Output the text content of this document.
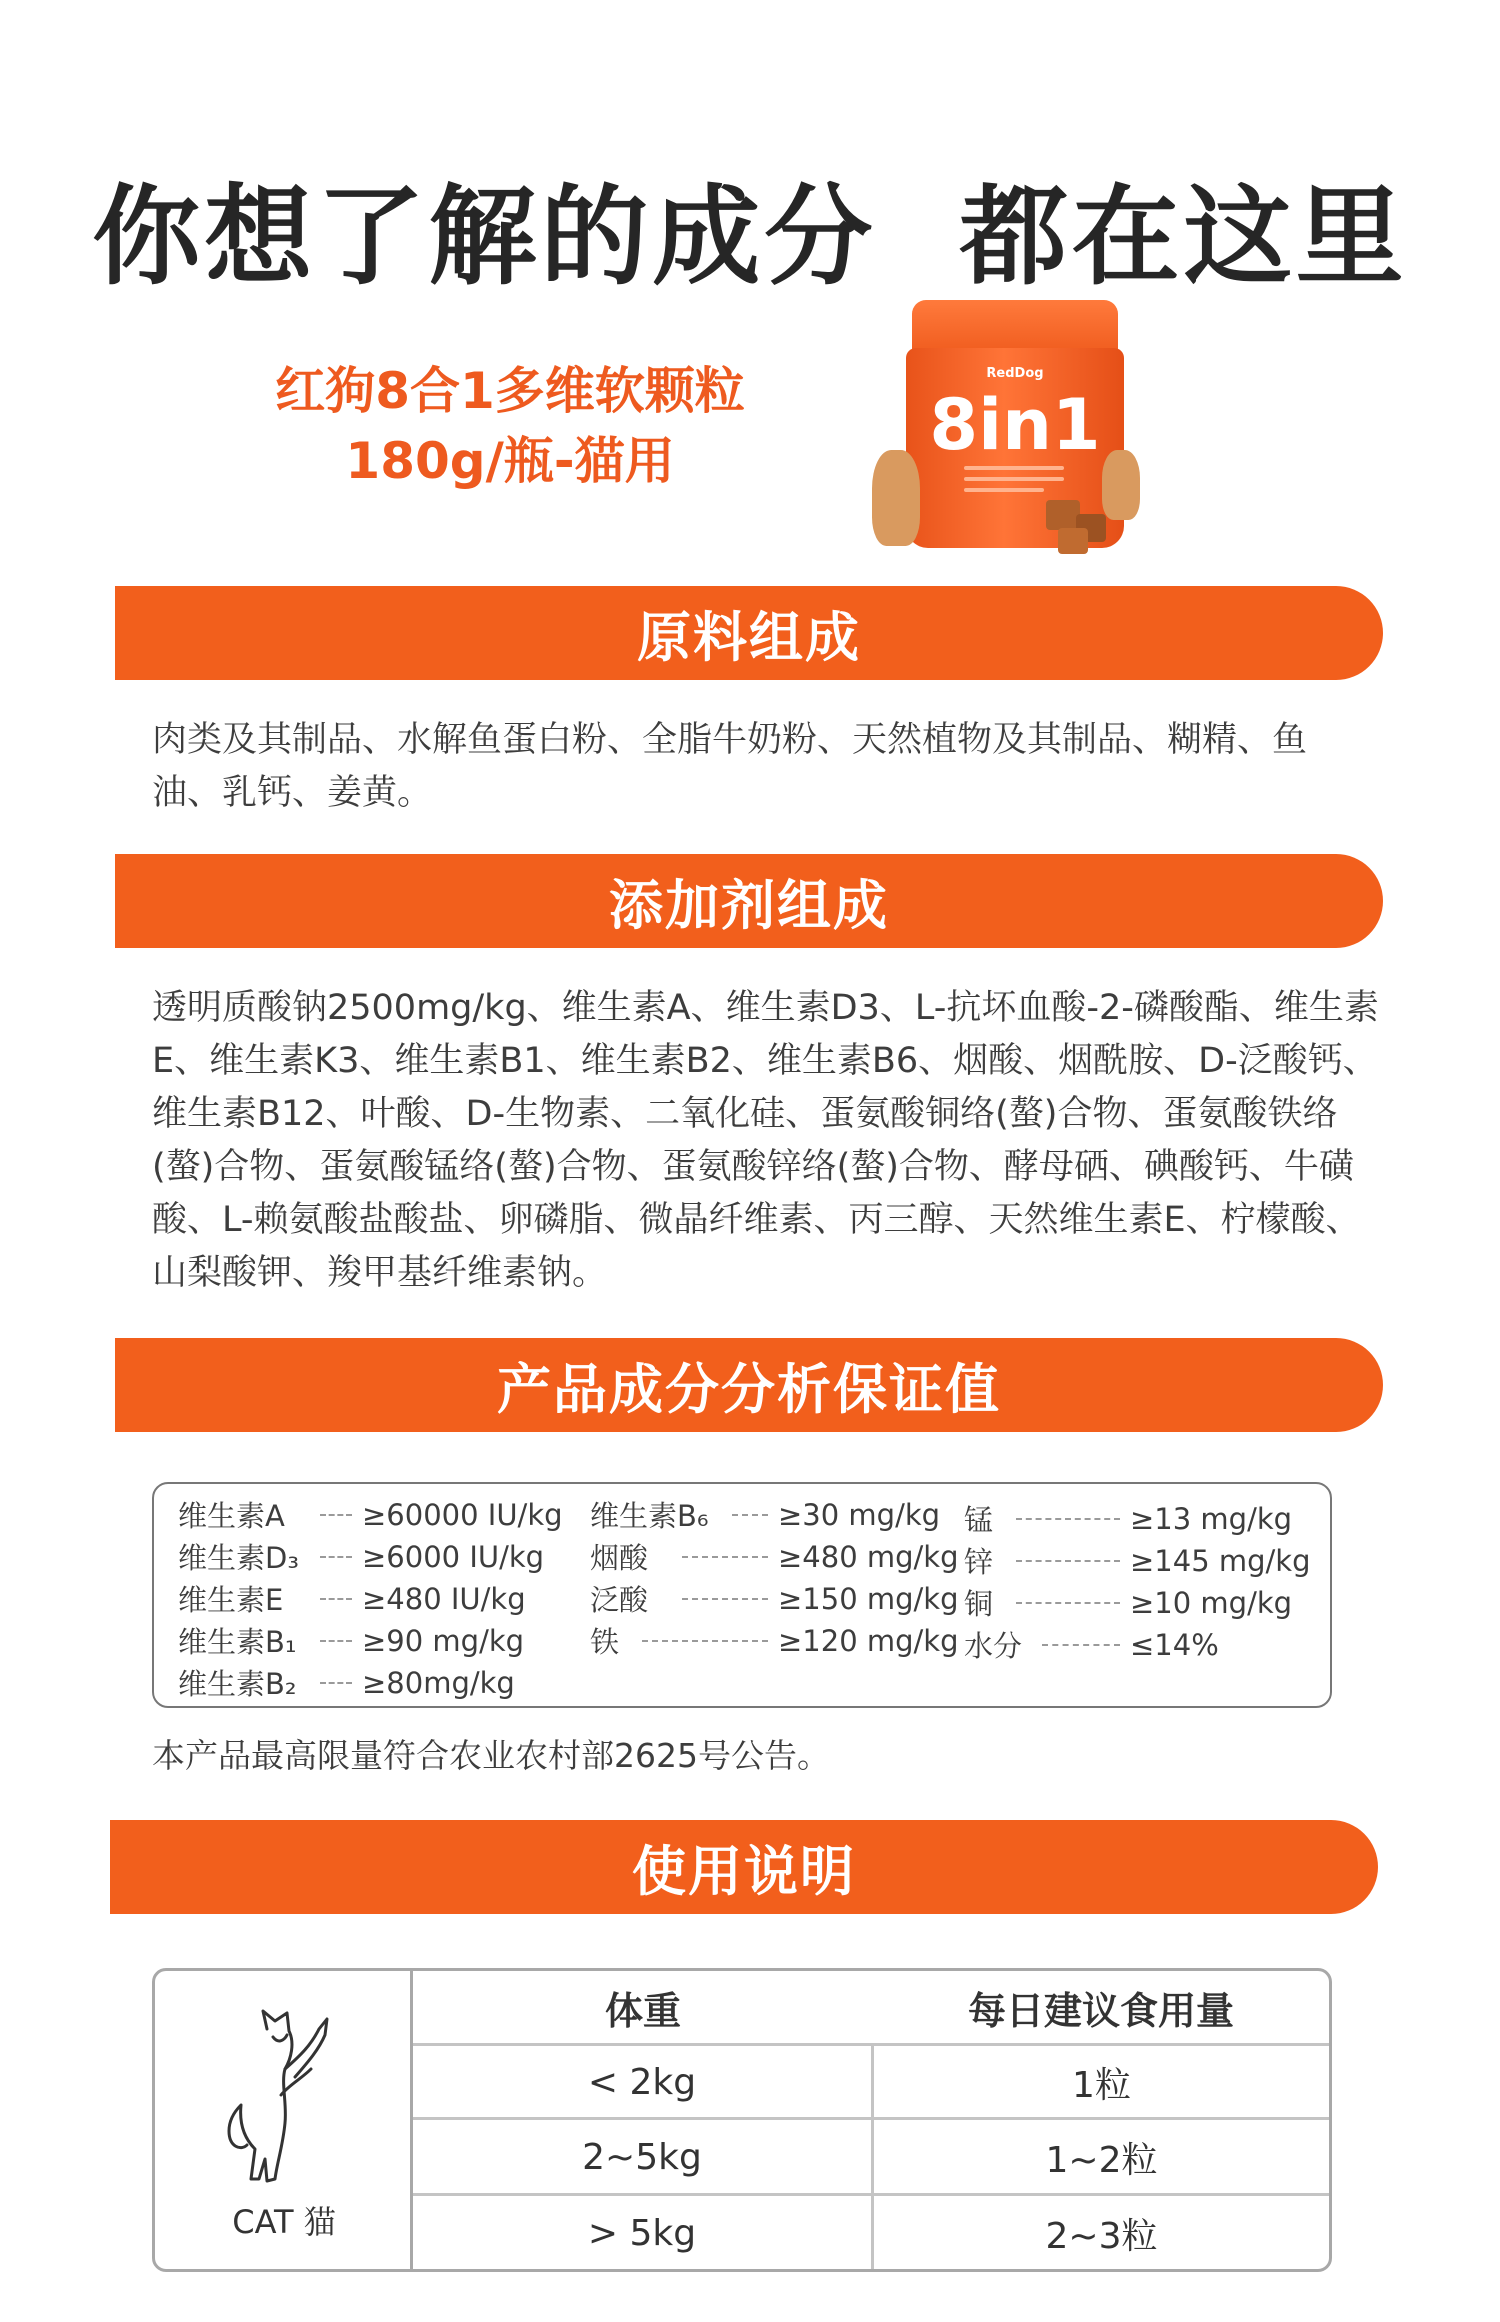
你想了解的成分  都在这里
红狗8合1多维软颗粒
180g/瓶-猫用
RedDog
8in1
原料组成
肉类及其制品、水解鱼蛋白粉、全脂牛奶粉、天然植物及其制品、糊精、鱼油、乳钙、姜黄。
添加剂组成
透明质酸钠2500mg/kg、维生素A、维生素D3、L-抗坏血酸-2-磷酸酯、维生素E、维生素K3、维生素B1、维生素B2、维生素B6、烟酸、烟酰胺、D-泛酸钙、维生素B12、叶酸、D-生物素、二氧化硅、蛋氨酸铜络(螯)合物、蛋氨酸铁络(螯)合物、蛋氨酸锰络(螯)合物、蛋氨酸锌络(螯)合物、酵母硒、碘酸钙、牛磺酸、L-赖氨酸盐酸盐、卵磷脂、微晶纤维素、丙三醇、天然维生素E、柠檬酸、山梨酸钾、羧甲基纤维素钠。
产品成分分析保证值
维生素A	≥60000 IU/kg
维生素D₃	≥6000 IU/kg
维生素E	≥480 IU/kg
维生素B₁	≥90 mg/kg
维生素B₂	≥80mg/kg
维生素B₆	≥30 mg/kg
烟酸	≥480 mg/kg
泛酸	≥150 mg/kg
铁	≥120 mg/kg
锰	≥13 mg/kg
锌	≥145 mg/kg
铜	≥10 mg/kg
水分	≤14%
本产品最高限量符合农业农村部2625号公告。
使用说明
CAT 猫
体重	每日建议食用量
< 2kg	1粒
2~5kg	1~2粒
> 5kg	2~3粒
